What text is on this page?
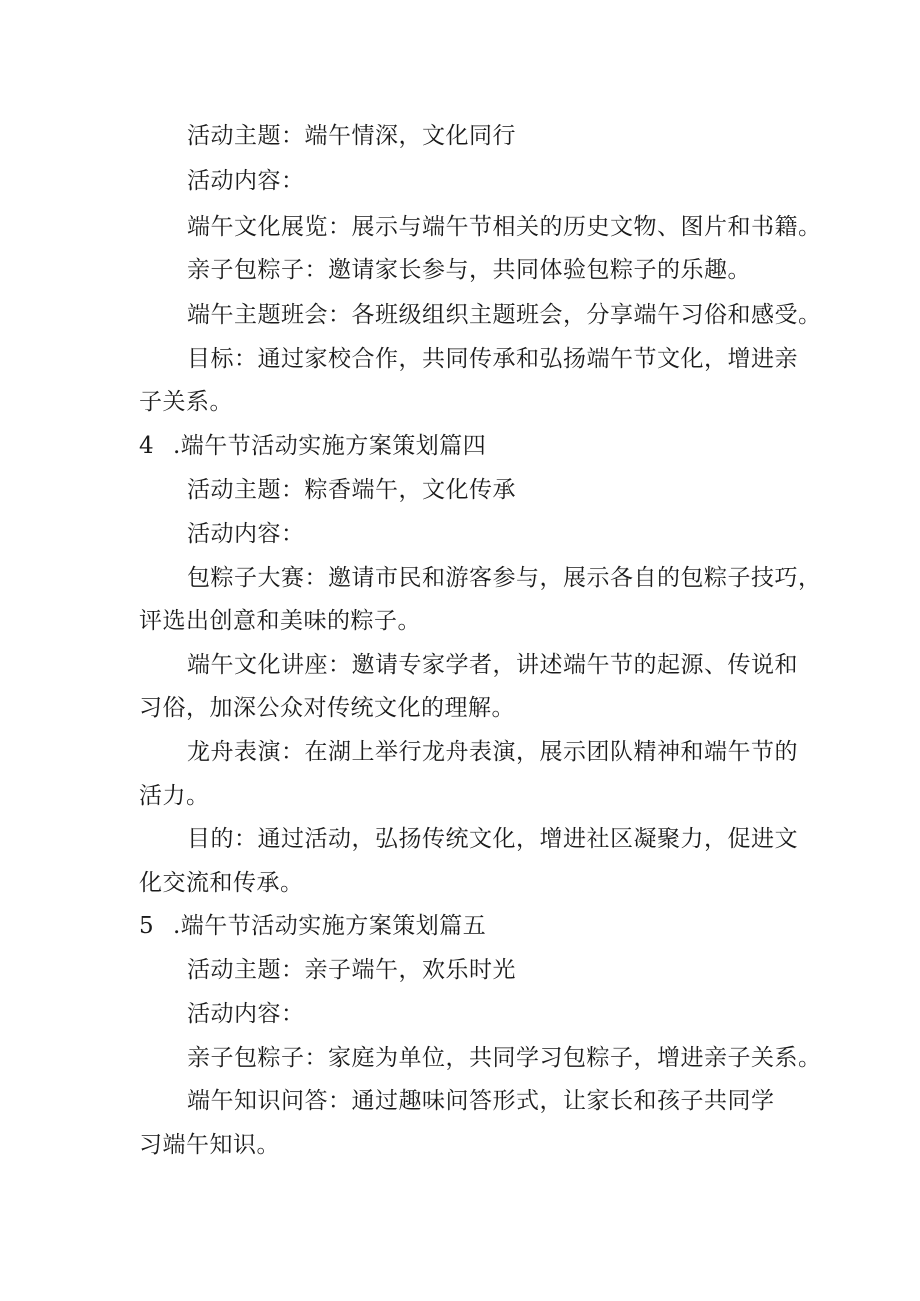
活动主题：端午情深，文化同行
活动内容：
端午文化展览：展示与端午节相关的历史文物、图片和书籍。
亲子包粽子：邀请家长参与，共同体验包粽子的乐趣。
端午主题班会：各班级组织主题班会，分享端午习俗和感受。
目标：通过家校合作，共同传承和弘扬端午节文化，增进亲
子关系。
4 .端午节活动实施方案策划篇四
活动主题：粽香端午，文化传承
活动内容：
包粽子大赛：邀请市民和游客参与，展示各自的包粽子技巧，
评选出创意和美味的粽子。
端午文化讲座：邀请专家学者，讲述端午节的起源、传说和
习俗，加深公众对传统文化的理解。
龙舟表演：在湖上举行龙舟表演，展示团队精神和端午节的
活力。
目的：通过活动，弘扬传统文化，增进社区凝聚力，促进文
化交流和传承。
5 .端午节活动实施方案策划篇五
活动主题：亲子端午，欢乐时光
活动内容：
亲子包粽子：家庭为单位，共同学习包粽子，增进亲子关系。
端午知识问答：通过趣味问答形式，让家长和孩子共同学
习端午知识。
